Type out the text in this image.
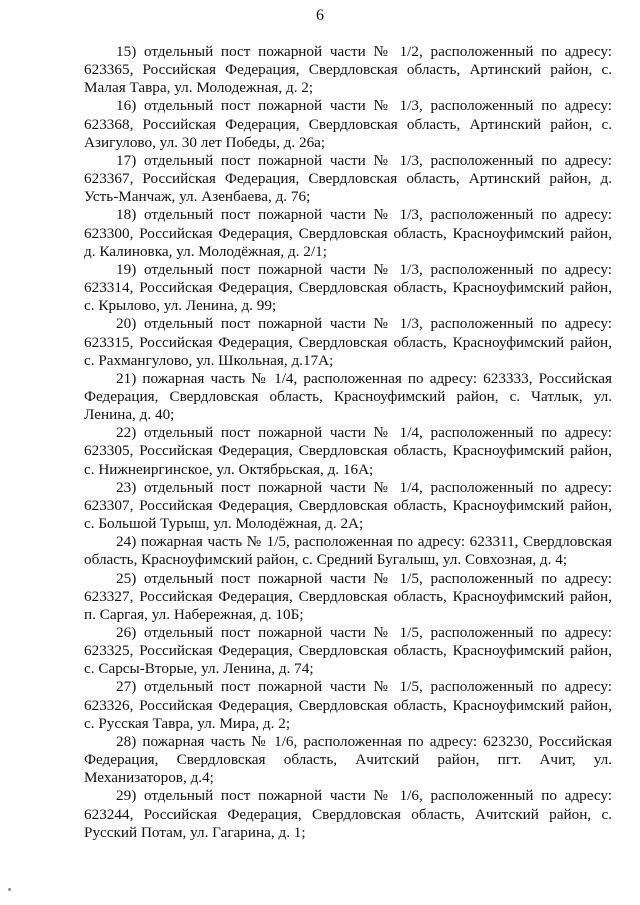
6

15) отдельный пост пожарной части № 1/2, расположенный по адресу: 623365, Российская Федерация, Свердловская область, Артинский район, с. Малая Тавра, ул. Молодежная, д. 2;

16) отдельный пост пожарной части № 1/3, расположенный по адресу: 623368, Российская Федерация, Свердловская область, Артинский район, с. Азигулово, ул. 30 лет Победы, д. 26а;

17) отдельный пост пожарной части № 1/3, расположенный по адресу: 623367, Российская Федерация, Свердловская область, Артинский район, д. Усть-Манчаж, ул. Азенбаева, д. 76;

18) отдельный пост пожарной части № 1/3, расположенный по адресу: 623300, Российская Федерация, Свердловская область, Красноуфимский район, д. Калиновка, ул. Молодёжная, д. 2/1;

19) отдельный пост пожарной части № 1/3, расположенный по адресу: 623314, Российская Федерация, Свердловская область, Красноуфимский район, с. Крылово, ул. Ленина, д. 99;

20) отдельный пост пожарной части № 1/3, расположенный по адресу: 623315, Российская Федерация, Свердловская область, Красноуфимский район, с. Рахмангулово, ул. Школьная, д.17А;

21) пожарная часть № 1/4, расположенная по адресу: 623333, Российская Федерация, Свердловская область, Красноуфимский район, с. Чатлык, ул. Ленина, д. 40;

22) отдельный пост пожарной части № 1/4, расположенный по адресу: 623305, Российская Федерация, Свердловская область, Красноуфимский район, с. Нижнеиргинское, ул. Октябрьская, д. 16А;

23) отдельный пост пожарной части № 1/4, расположенный по адресу: 623307, Российская Федерация, Свердловская область, Красноуфимский район, с. Большой Турыш, ул. Молодёжная, д. 2А;

24) пожарная часть № 1/5, расположенная по адресу: 623311, Свердловская область, Красноуфимский район, с. Средний Бугалыш, ул. Совхозная, д. 4;

25) отдельный пост пожарной части № 1/5, расположенный по адресу: 623327, Российская Федерация, Свердловская область, Красноуфимский район, п. Саргая, ул. Набережная, д. 10Б;

26) отдельный пост пожарной части № 1/5, расположенный по адресу: 623325, Российская Федерация, Свердловская область, Красноуфимский район, с. Сарсы-Вторые, ул. Ленина, д. 74;

27) отдельный пост пожарной части № 1/5, расположенный по адресу: 623326, Российская Федерация, Свердловская область, Красноуфимский район, с. Русская Тавра, ул. Мира, д. 2;

28) пожарная часть № 1/6, расположенная по адресу: 623230, Российская Федерация, Свердловская область, Ачитский район, пгт. Ачит, ул. Механизаторов, д.4;

29) отдельный пост пожарной части № 1/6, расположенный по адресу: 623244, Российская Федерация, Свердловская область, Ачитский район, с. Русский Потам, ул. Гагарина, д. 1;
